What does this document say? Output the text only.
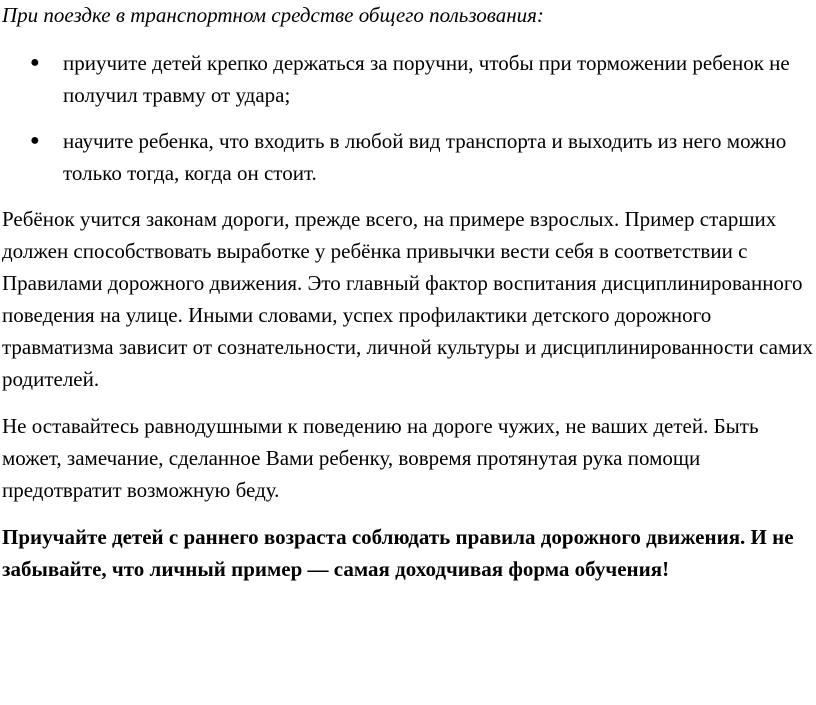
При поездке в транспортном средстве общего пользования:

● приучите детей крепко держаться за поручни, чтобы при торможении ребенок не получил травму от удара;
● научите ребенка, что входить в любой вид транспорта и выходить из него можно только тогда, когда он стоит.

Ребёнок учится законам дороги, прежде всего, на примере взрослых. Пример старших должен способствовать выработке у ребёнка привычки вести себя в соответствии с Правилами дорожного движения. Это главный фактор воспитания дисциплинированного поведения на улице. Иными словами, успех профилактики детского дорожного травматизма зависит от сознательности, личной культуры и дисциплинированности самих родителей.

Не оставайтесь равнодушными к поведению на дороге чужих, не ваших детей. Быть может, замечание, сделанное Вами ребенку, вовремя протянутая рука помощи предотвратит возможную беду.

Приучайте детей с раннего возраста соблюдать правила дорожного движения. И не забывайте, что личный пример — самая доходчивая форма обучения!
